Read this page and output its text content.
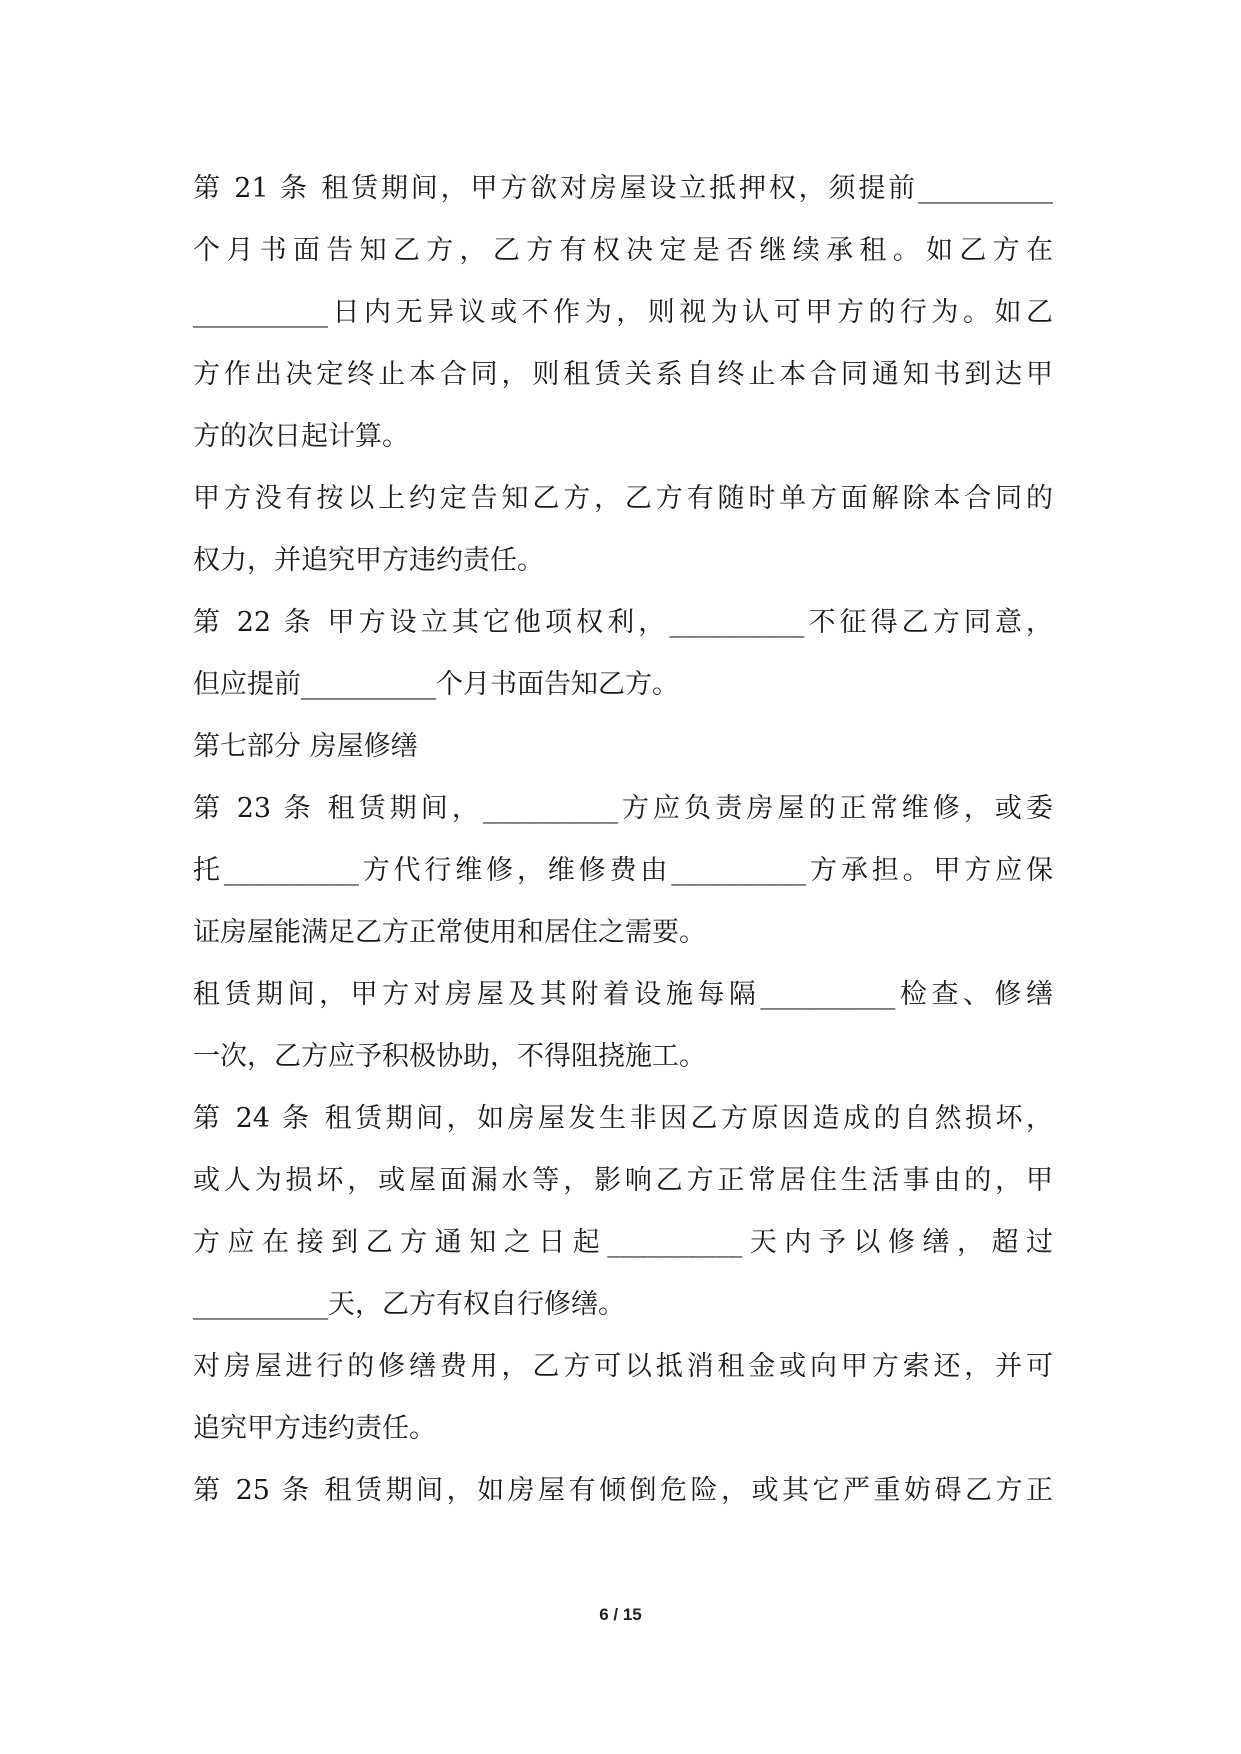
第 21 条 租赁期间，甲方欲对房屋设立抵押权，须提前__________
个月书面告知乙方，乙方有权决定是否继续承租。如乙方在
__________日内无异议或不作为，则视为认可甲方的行为。如乙
方作出决定终止本合同，则租赁关系自终止本合同通知书到达甲
方的次日起计算。
甲方没有按以上约定告知乙方，乙方有随时单方面解除本合同的
权力，并追究甲方违约责任。
第 22 条 甲方设立其它他项权利，__________不征得乙方同意，
但应提前__________个月书面告知乙方。
第七部分 房屋修缮
第 23 条 租赁期间，__________方应负责房屋的正常维修，或委
托__________方代行维修，维修费由__________方承担。甲方应保
证房屋能满足乙方正常使用和居住之需要。
租赁期间，甲方对房屋及其附着设施每隔__________检查、修缮
一次，乙方应予积极协助，不得阻挠施工。
第 24 条 租赁期间，如房屋发生非因乙方原因造成的自然损坏，
或人为损坏，或屋面漏水等，影响乙方正常居住生活事由的，甲
方应在接到乙方通知之日起__________天内予以修缮，超过
__________天，乙方有权自行修缮。
对房屋进行的修缮费用，乙方可以抵消租金或向甲方索还，并可
追究甲方违约责任。
第 25 条 租赁期间，如房屋有倾倒危险，或其它严重妨碍乙方正
6 / 15
